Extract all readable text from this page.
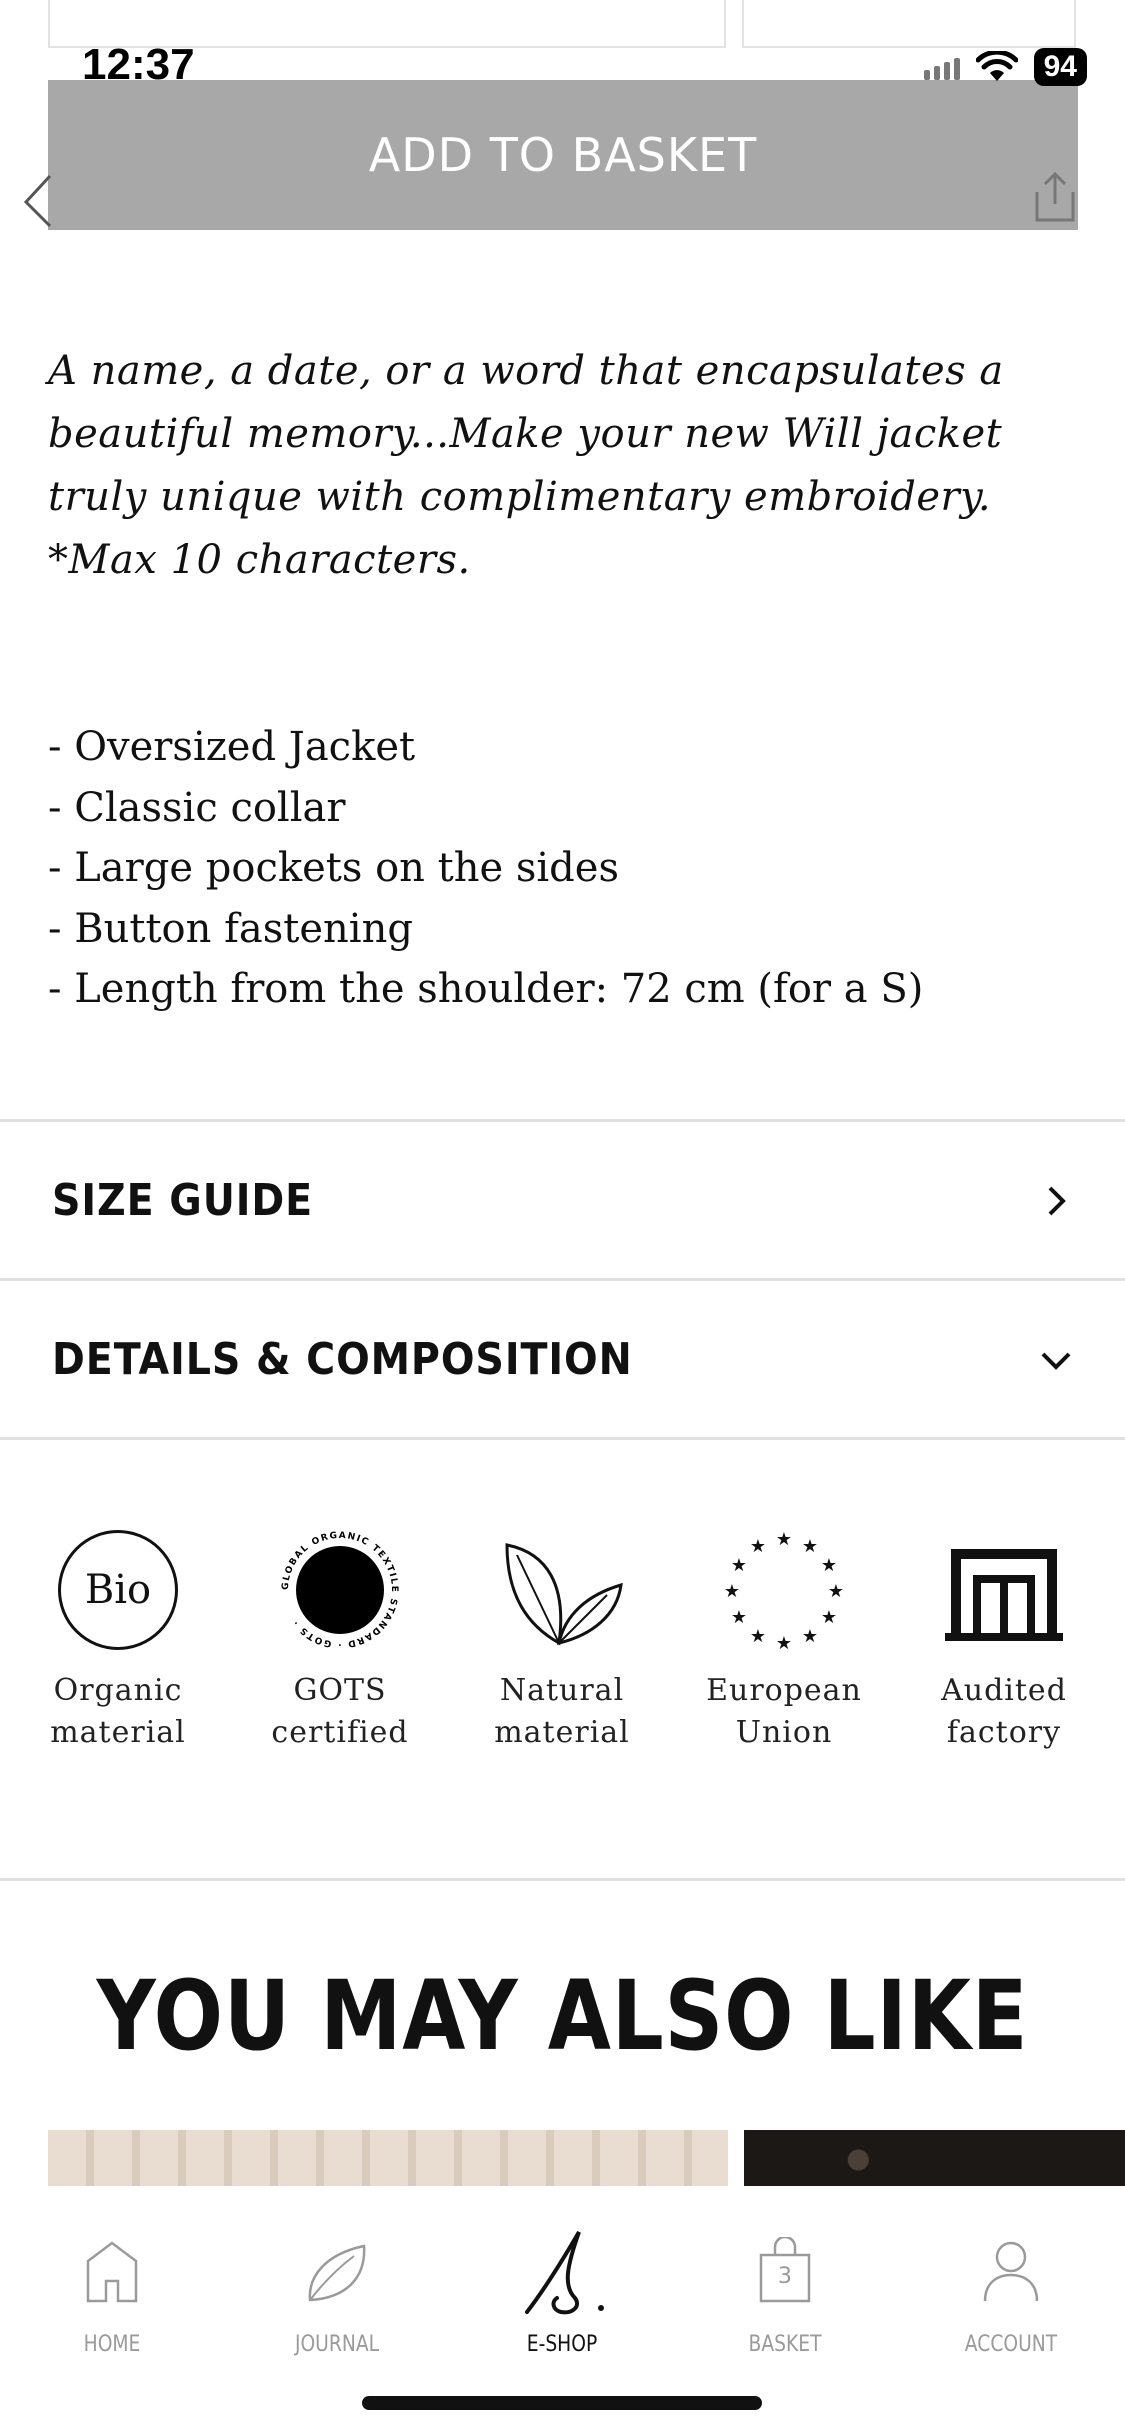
12:37	94
ADD TO BASKET

A name, a date, or a word that encapsulates a beautiful memory...Make your new Will jacket truly unique with complimentary embroidery. *Max 10 characters.

- Oversized Jacket
- Classic collar
- Large pockets on the sides
- Button fastening
- Length from the shoulder: 72 cm (for a S)
SIZE GUIDE
DETAILS & COMPOSITION
Bio
Organic
material
GLOBAL ORGANIC TEXTILE STANDARD · GOTS ·
GOTS
certified
Natural
material
★ ★
★
★
★
★
★
★
★
★
★
★
European
Union
Audited
factory
YOU MAY ALSO LIKE
HOME	JOURNAL	E-SHOP
3
BASKET	ACCOUNT
